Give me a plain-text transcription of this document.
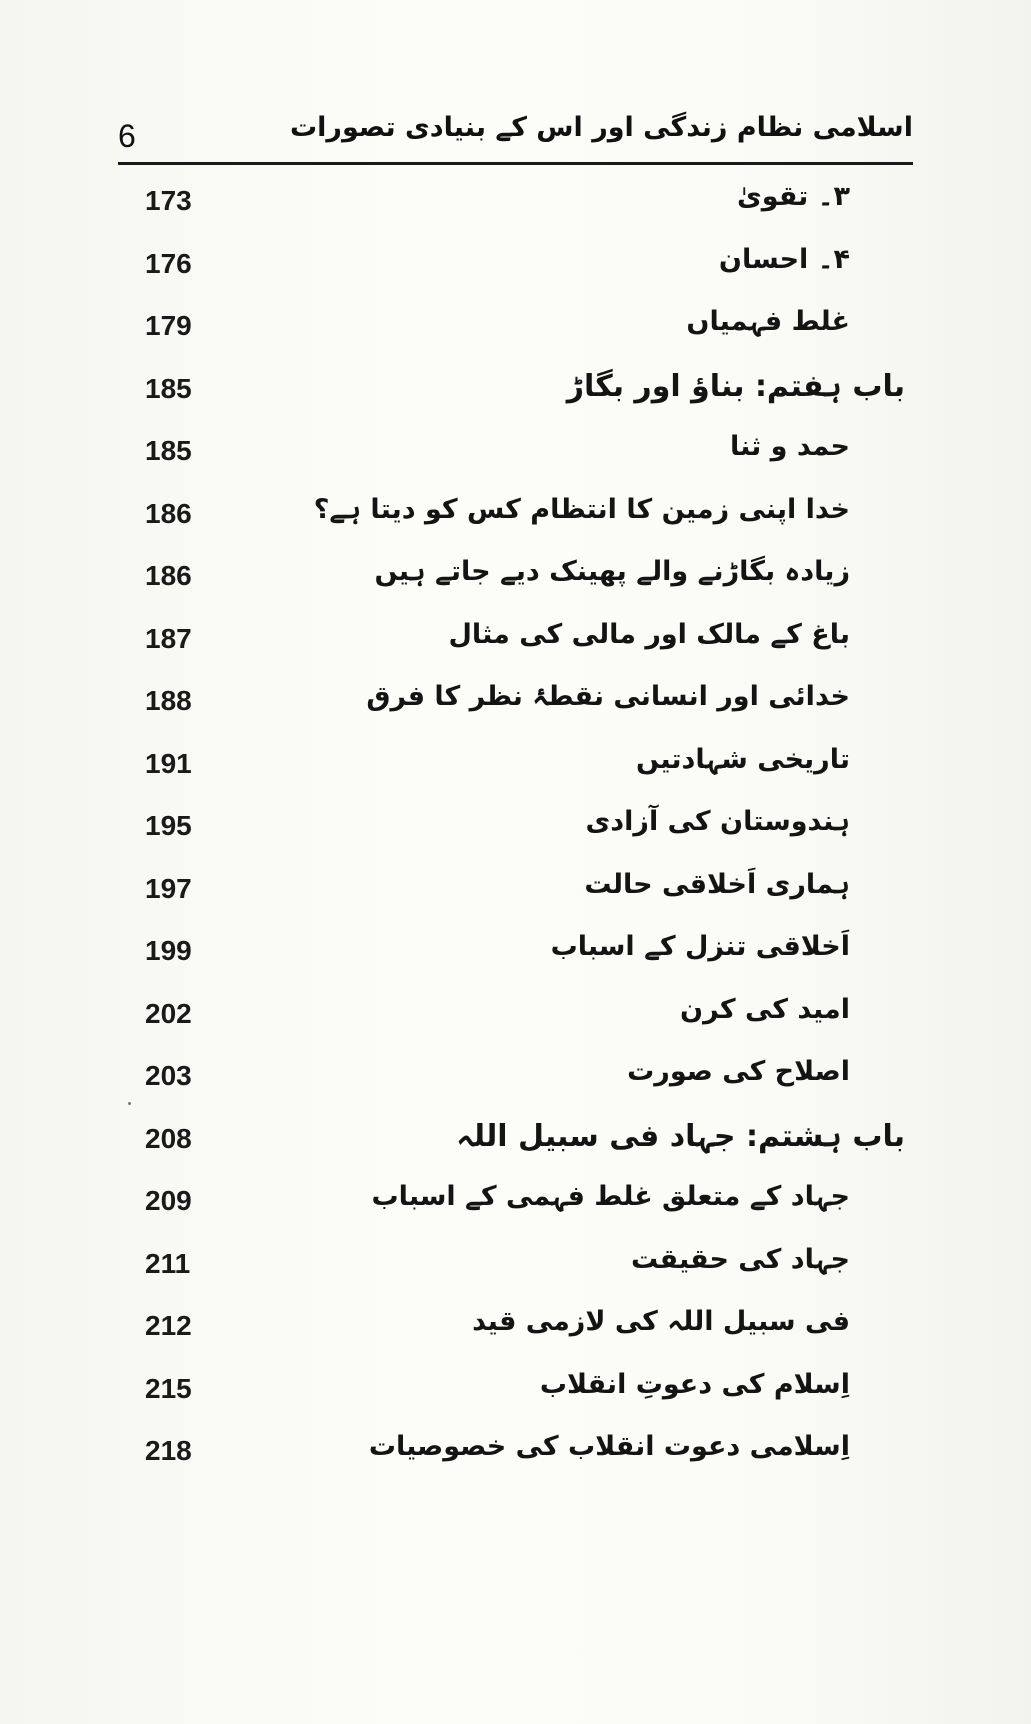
6	اسلامی نظام زندگی اور اس کے بنیادی تصورات
173	۳۔ تقویٰ
176	۴۔ احسان
179	غلط فہمیاں
185	باب ہفتم: بناؤ اور بگاڑ
185	حمد و ثنا
186	خدا اپنی زمین کا انتظام کس کو دیتا ہے؟
186	زیادہ بگاڑنے والے پھینک دیے جاتے ہیں
187	باغ کے مالک اور مالی کی مثال
188	خدائی اور انسانی نقطۂ نظر کا فرق
191	تاریخی شہادتیں
195	ہندوستان کی آزادی
197	ہماری اَخلاقی حالت
199	اَخلاقی تنزل کے اسباب
202	امید کی کرن
203	اصلاح کی صورت
208	باب ہشتم: جہاد فی سبیل اللہ
209	جہاد کے متعلق غلط فہمی کے اسباب
211	جہاد کی حقیقت
212	فی سبیل اللہ کی لازمی قید
215	اِسلام کی دعوتِ انقلاب
218	اِسلامی دعوت انقلاب کی خصوصیات
